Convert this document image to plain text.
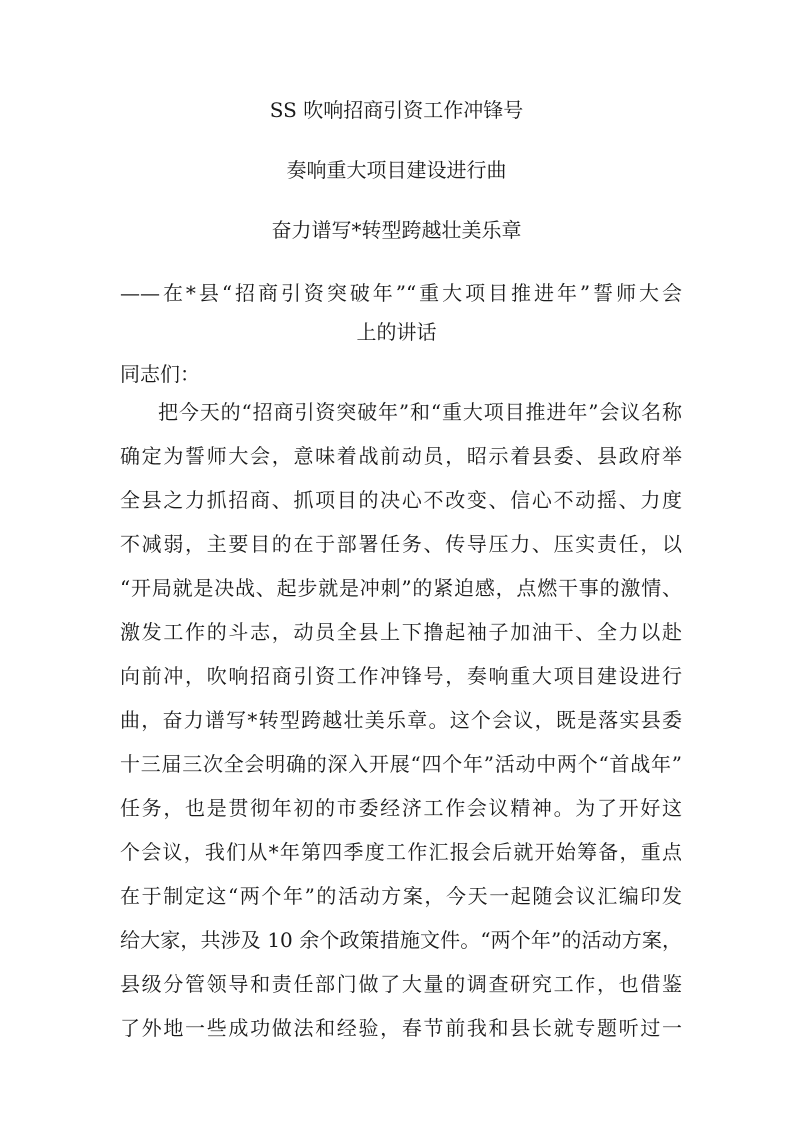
SS 吹响招商引资工作冲锋号
奏响重大项目建设进行曲
奋力谱写*转型跨越壮美乐章
——在*县“招商引资突破年”“重大项目推进年”誓师大会
上的讲话
同志们：
把今天的“招商引资突破年”和“重大项目推进年”会议名称
确定为誓师大会，意味着战前动员，昭示着县委、县政府举
全县之力抓招商、抓项目的决心不改变、信心不动摇、力度
不减弱，主要目的在于部署任务、传导压力、压实责任，以
“开局就是决战、起步就是冲刺”的紧迫感，点燃干事的激情、
激发工作的斗志，动员全县上下撸起袖子加油干、全力以赴
向前冲，吹响招商引资工作冲锋号，奏响重大项目建设进行
曲，奋力谱写*转型跨越壮美乐章。这个会议，既是落实县委
十三届三次全会明确的深入开展“四个年”活动中两个“首战年”
任务，也是贯彻年初的市委经济工作会议精神。为了开好这
个会议，我们从*年第四季度工作汇报会后就开始筹备，重点
在于制定这“两个年”的活动方案，今天一起随会议汇编印发
给大家，共涉及 10 余个政策措施文件。“两个年”的活动方案，
县级分管领导和责任部门做了大量的调查研究工作，也借鉴
了外地一些成功做法和经验，春节前我和县长就专题听过一
